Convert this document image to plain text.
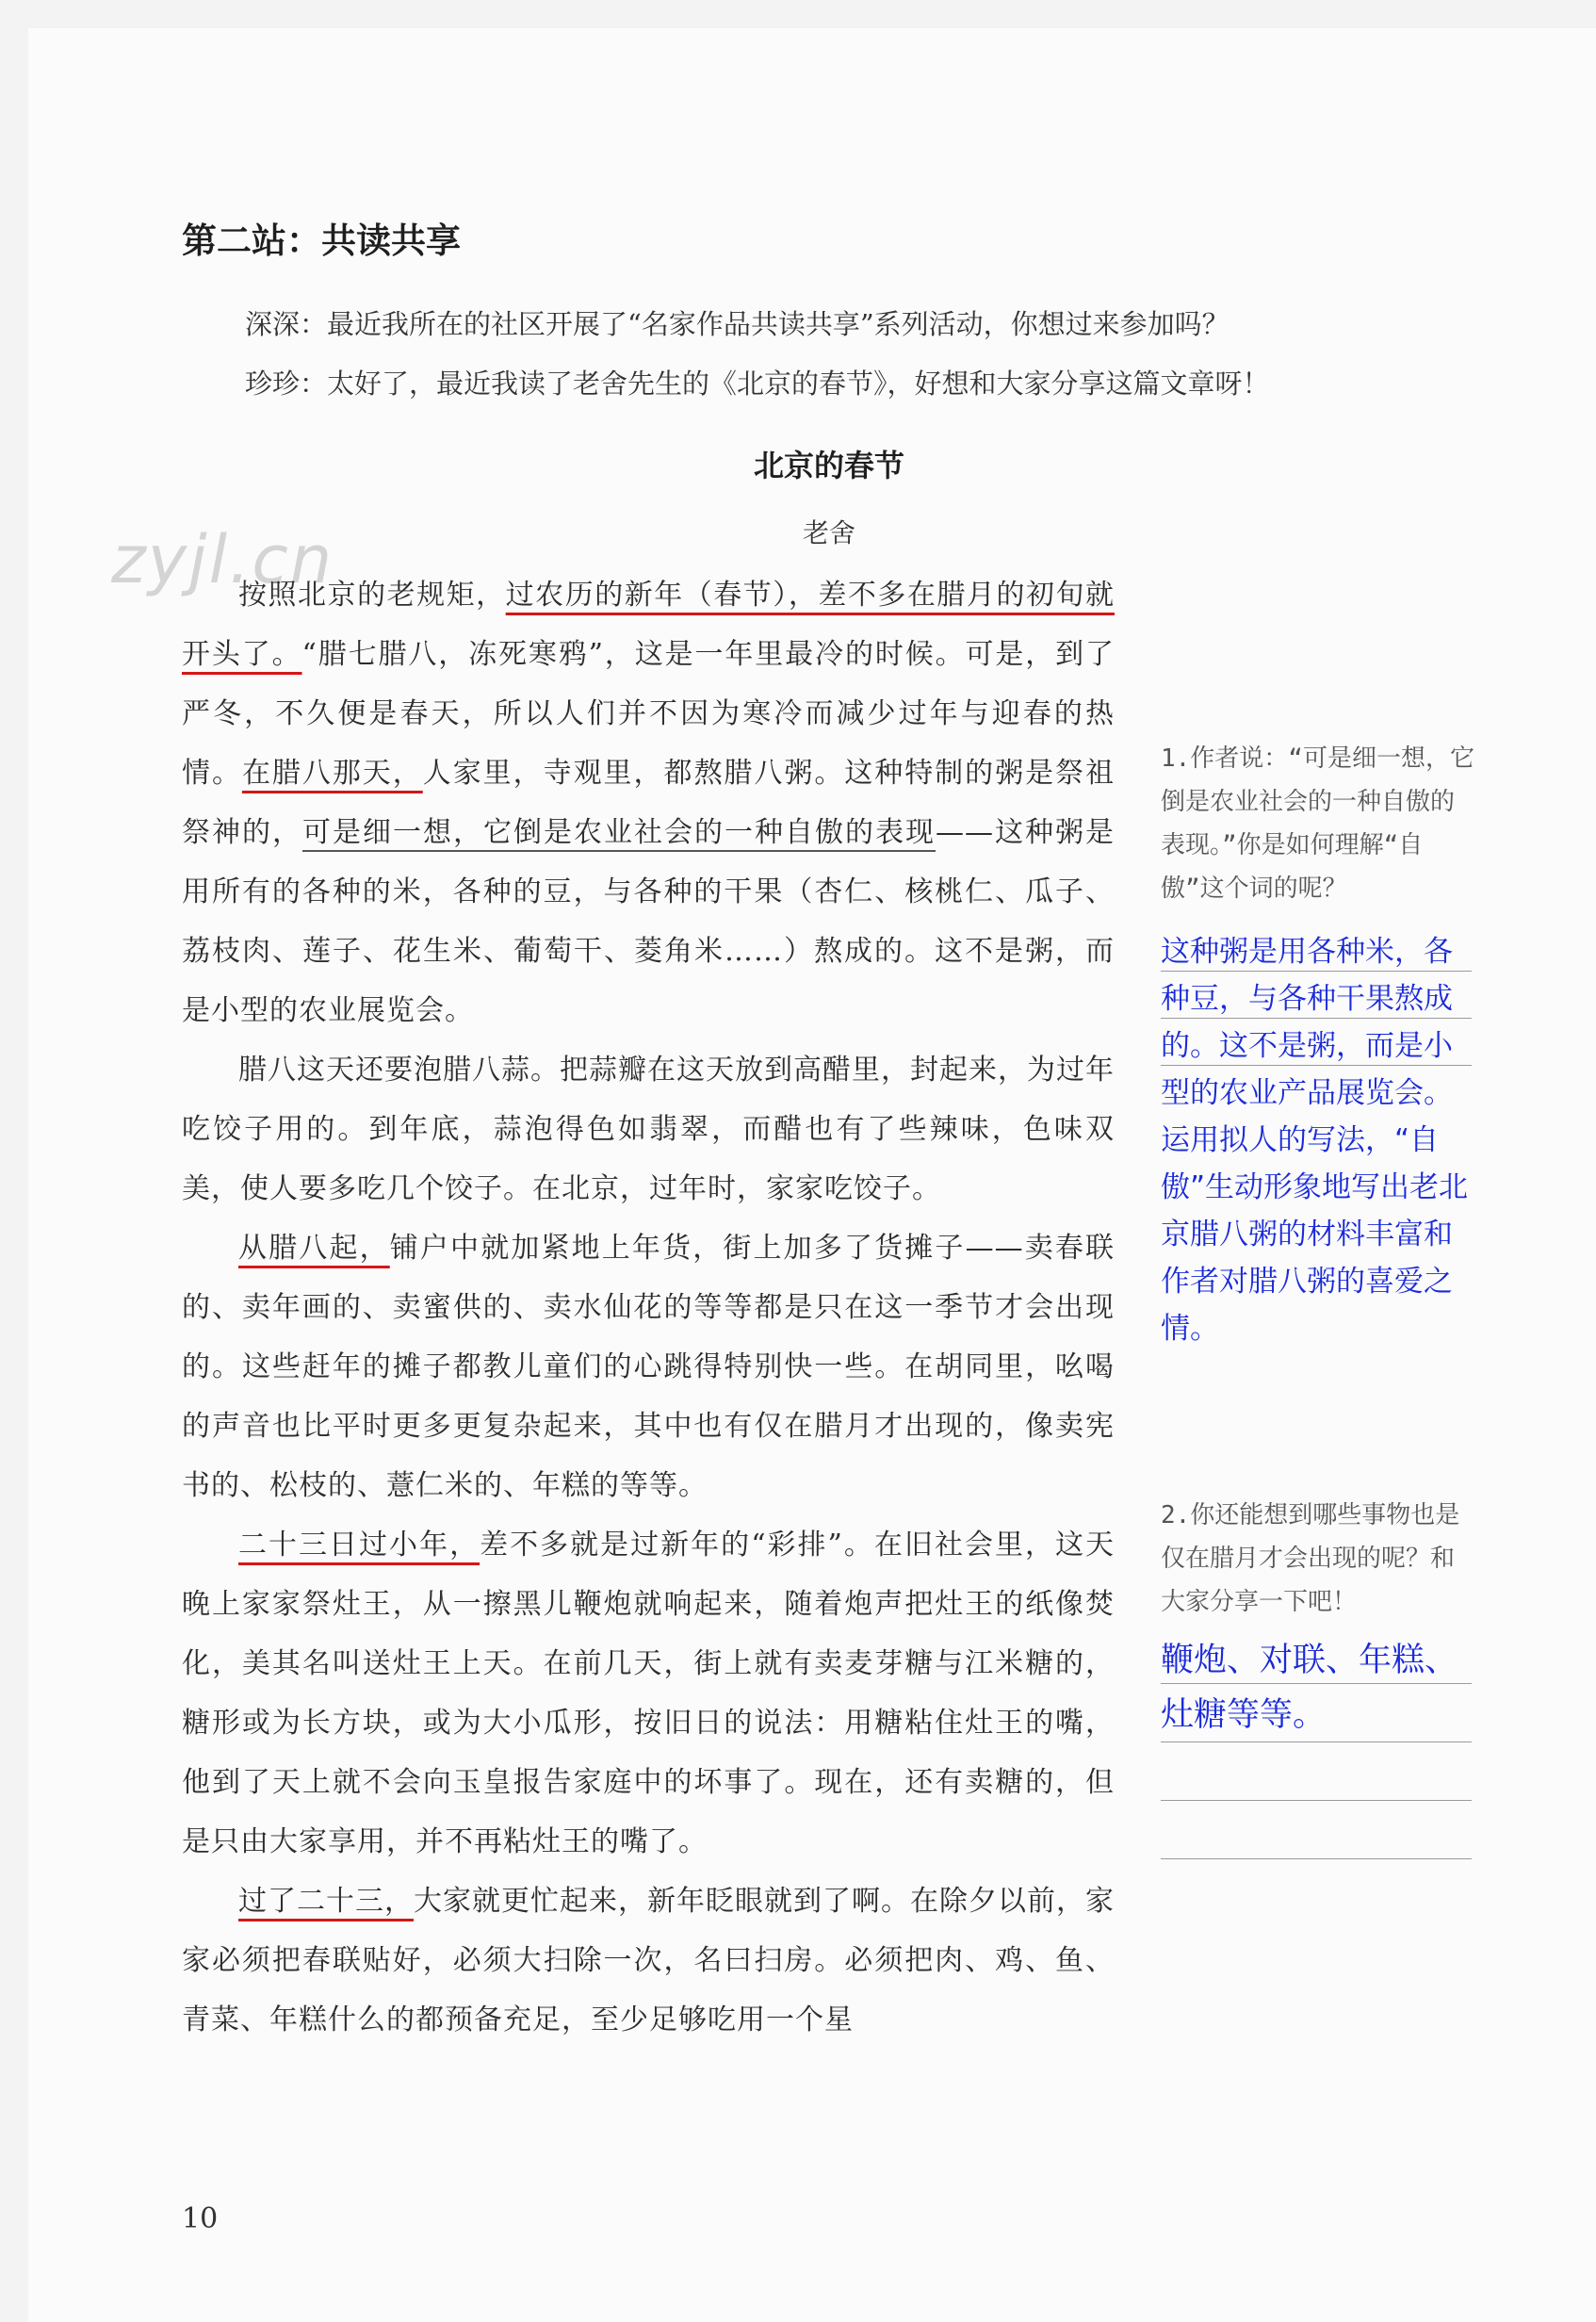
第二站：共读共享

深深：最近我所在的社区开展了“名家作品共读共享”系列活动，你想过来参加吗？

珍珍：太好了，最近我读了老舍先生的《北京的春节》，好想和大家分享这篇文章呀！

北京的春节

老舍

zyjl.cn

按照北京的老规矩，过农历的新年（春节），差不多在腊月的初旬就开头了。“腊七腊八，冻死寒鸦”，这是一年里最冷的时候。可是，到了严冬，不久便是春天，所以人们并不因为寒冷而减少过年与迎春的热情。在腊八那天，人家里，寺观里，都熬腊八粥。这种特制的粥是祭祖祭神的，可是细一想，它倒是农业社会的一种自傲的表现——这种粥是用所有的各种的米，各种的豆，与各种的干果（杏仁、核桃仁、瓜子、荔枝肉、莲子、花生米、葡萄干、菱角米……）熬成的。这不是粥，而是小型的农业展览会。

腊八这天还要泡腊八蒜。把蒜瓣在这天放到高醋里，封起来，为过年吃饺子用的。到年底，蒜泡得色如翡翠，而醋也有了些辣味，色味双美，使人要多吃几个饺子。在北京，过年时，家家吃饺子。

从腊八起，铺户中就加紧地上年货，街上加多了货摊子——卖春联的、卖年画的、卖蜜供的、卖水仙花的等等都是只在这一季节才会出现的。这些赶年的摊子都教儿童们的心跳得特别快一些。在胡同里，吆喝的声音也比平时更多更复杂起来，其中也有仅在腊月才出现的，像卖宪书的、松枝的、薏仁米的、年糕的等等。

二十三日过小年，差不多就是过新年的“彩排”。在旧社会里，这天晚上家家祭灶王，从一擦黑儿鞭炮就响起来，随着炮声把灶王的纸像焚化，美其名叫送灶王上天。在前几天，街上就有卖麦芽糖与江米糖的，糖形或为长方块，或为大小瓜形，按旧日的说法：用糖粘住灶王的嘴，他到了天上就不会向玉皇报告家庭中的坏事了。现在，还有卖糖的，但是只由大家享用，并不再粘灶王的嘴了。

过了二十三，大家就更忙起来，新年眨眼就到了啊。在除夕以前，家家必须把春联贴好，必须大扫除一次，名曰扫房。必须把肉、鸡、鱼、青菜、年糕什么的都预备充足，至少足够吃用一个星

1.作者说：“可是细一想，它倒是农业社会的一种自傲的表现。”你是如何理解“自傲”这个词的呢？

这种粥是用各种米，各种豆，与各种干果熬成的。这不是粥，而是小型的农业产品展览会。运用拟人的写法，“自傲”生动形象地写出老北京腊八粥的材料丰富和作者对腊八粥的喜爱之情。

2.你还能想到哪些事物也是仅在腊月才会出现的呢？和大家分享一下吧！

鞭炮、对联、年糕、灶糖等等。

10
